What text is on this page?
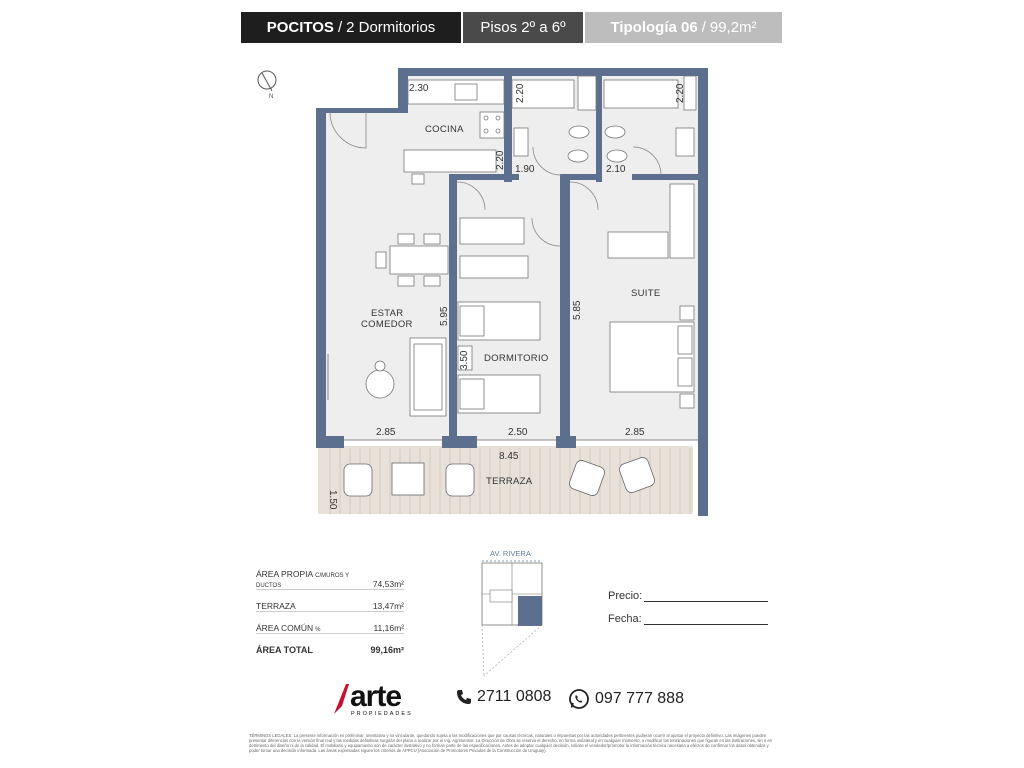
POCITOS / 2 Dormitorios	Pisos 2º a 6º	Tipología 06 / 99,2m²
N
COCINA
ESTAR
COMEDOR
DORMITORIO
SUITE
TERRAZA
2.30
2.20
2.20	2.20
1.90	2.10
5.95
3.50
5.85
2.85	2.50	2.85
8.45
1.50
ÁREA PROPIA C/MUROS Y DUCTOS	74,53m²
TERRAZA	13,47m²
ÁREA COMÚN %	11,16m²
ÁREA TOTAL	99,16m²
AV. RIVERA
Precio:
Fecha:
arte
PROPIEDADES
2711 0808	097 777 888
TÉRMINOS LEGALES: La presente información es preliminar, orientativa y no vinculante, quedando sujeta a las modificaciones que por causas técnicas, naturales o impuestas por las autoridades pertinentes pudieran ocurrir al ajustar el proyecto definitivo. Las imágenes pueden presentar diferencias con la versión final real y las medidas definitivas surgirán del plano a realizar por el Ing. Agrimensor. La Dirección de Obra se reserva el derecho, en forma unilateral y en cualquier momento, a modificar las terminaciones que figuran en las ilustraciones, sin ir en detrimento del diseño ni de la calidad. El mobiliario y equipamiento son de carácter ilustrativo y no forman parte de las especificaciones. Antes de adoptar cualquier decisión, solicite el vendedor/promotor la información técnica necesaria a efectos de confirmar los datos obtenidos y poder tomar una decisión informada. Las áreas expresadas siguen los criterios de APPCU (Asociación de Promotores Privados de la Construcción de Uruguay).
